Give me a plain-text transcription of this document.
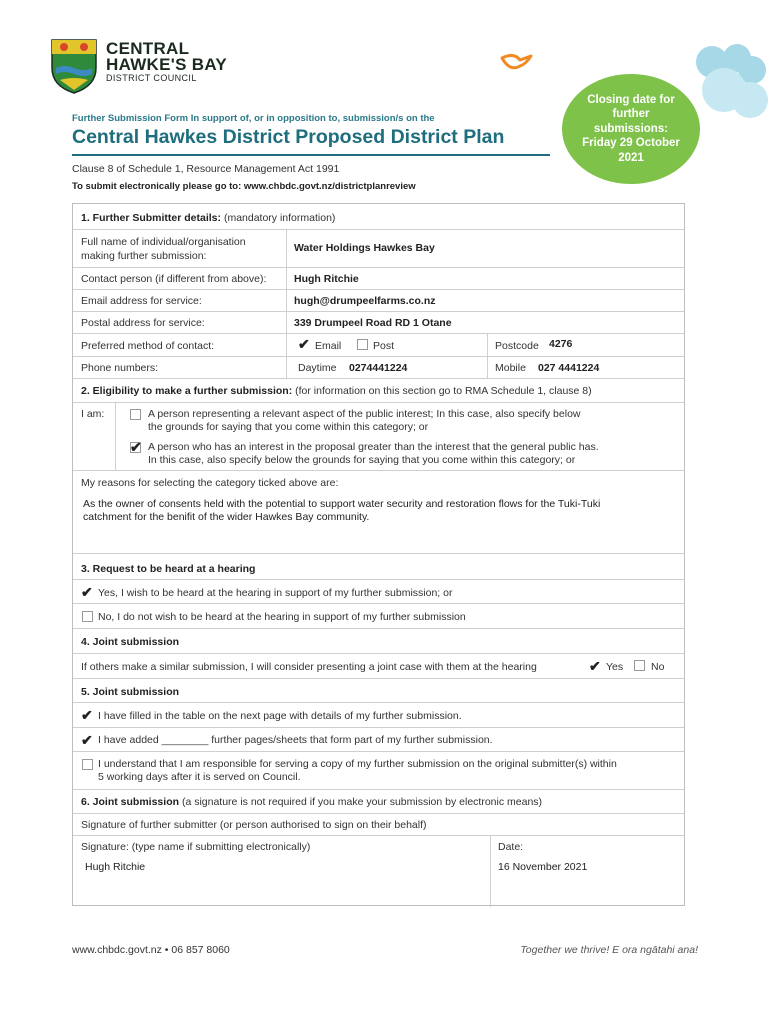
CENTRAL
HAWKE'S BAY
DISTRICT COUNCIL
Closing date for further submissions: Friday 29 October 2021
Further Submission Form In support of, or in opposition to, submission/s on the
Central Hawkes District Proposed District Plan
Clause 8 of Schedule 1, Resource Management Act 1991
To submit electronically please go to: www.chbdc.govt.nz/districtplanreview
1. Further Submitter details: (mandatory information)
Full name of individual/organisation
making further submission:
Water Holdings Hawkes Bay
Contact person (if different from above):	Hugh Ritchie
Email address for service:	hugh@drumpeelfarms.co.nz
Postal address for service:	339 Drumpeel Road RD 1 Otane
Preferred method of contact:	✔ Email	Post	Postcode 4276
Phone numbers:	Daytime 0274441224	Mobile 027 4441224
2. Eligibility to make a further submission: (for information on this section go to RMA Schedule 1, clause 8)
I am:	A person representing a relevant aspect of the public interest; In this case, also specify below
the grounds for saying that you come within this category; or
✔ A person who has an interest in the proposal greater than the interest that the general public has.
In this case, also specify below the grounds for saying that you come within this category; or
My reasons for selecting the category ticked above are:
As the owner of consents held with the potential to support water security and restoration flows for the Tuki-Tuki
catchment for the benifit of the wider Hawkes Bay community.
3. Request to be heard at a hearing
✔ Yes, I wish to be heard at the hearing in support of my further submission; or
No, I do not wish to be heard at the hearing in support of my further submission
4. Joint submission
If others make a similar submission, I will consider presenting a joint case with them at the hearing	✔ Yes	No
5. Joint submission
✔ I have filled in the table on the next page with details of my further submission.
✔ I have added ________ further pages/sheets that form part of my further submission.
I understand that I am responsible for serving a copy of my further submission on the original submitter(s) within
5 working days after it is served on Council.
6. Joint submission (a signature is not required if you make your submission by electronic means)
Signature of further submitter (or person authorised to sign on their behalf)
Signature: (type name if submitting electronically)
Hugh Ritchie
Date:
16 November 2021
www.chbdc.govt.nz • 06 857 8060	Together we thrive! E ora ngātahi ana!
